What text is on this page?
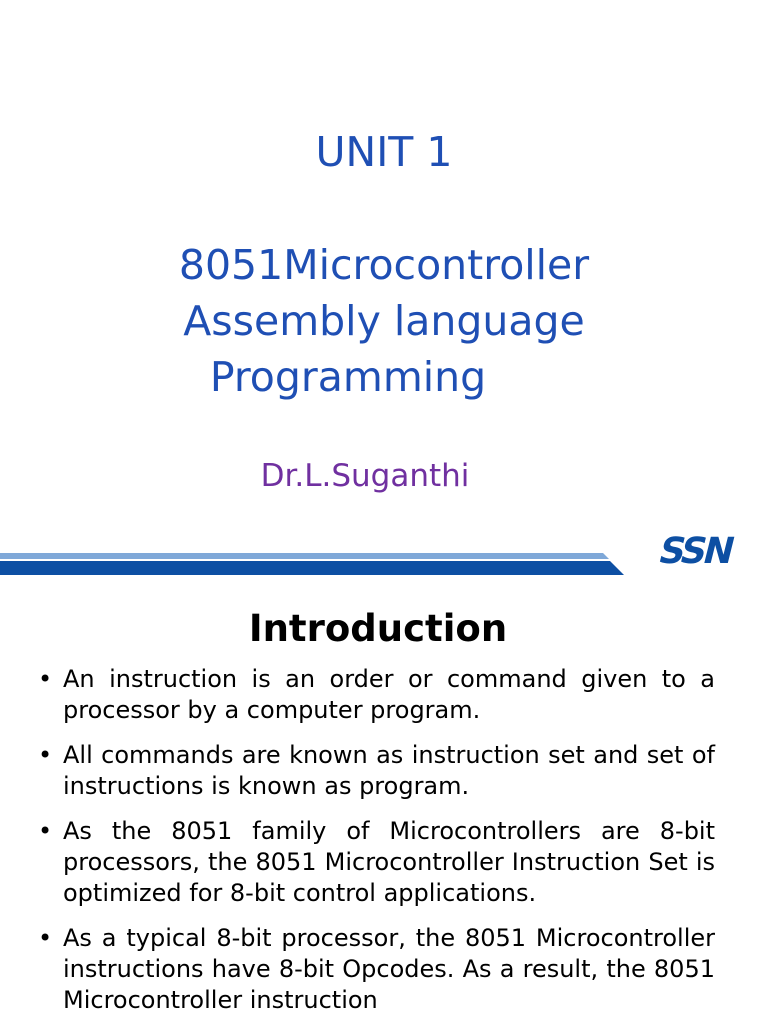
UNIT 1
8051Microcontroller
Assembly language
Programming
Dr.L.Suganthi
SSN
Introduction
• An instruction is an order or command given to a processor by a computer program.
• All commands are known as instruction set and set of instructions is known as program.
• As the 8051 family of Microcontrollers are 8-bit processors, the 8051 Microcontroller Instruction Set is optimized for 8-bit control applications.
• As a typical 8-bit processor, the 8051 Microcontroller instructions have 8-bit Opcodes. As a result, the 8051 Microcontroller instruction
